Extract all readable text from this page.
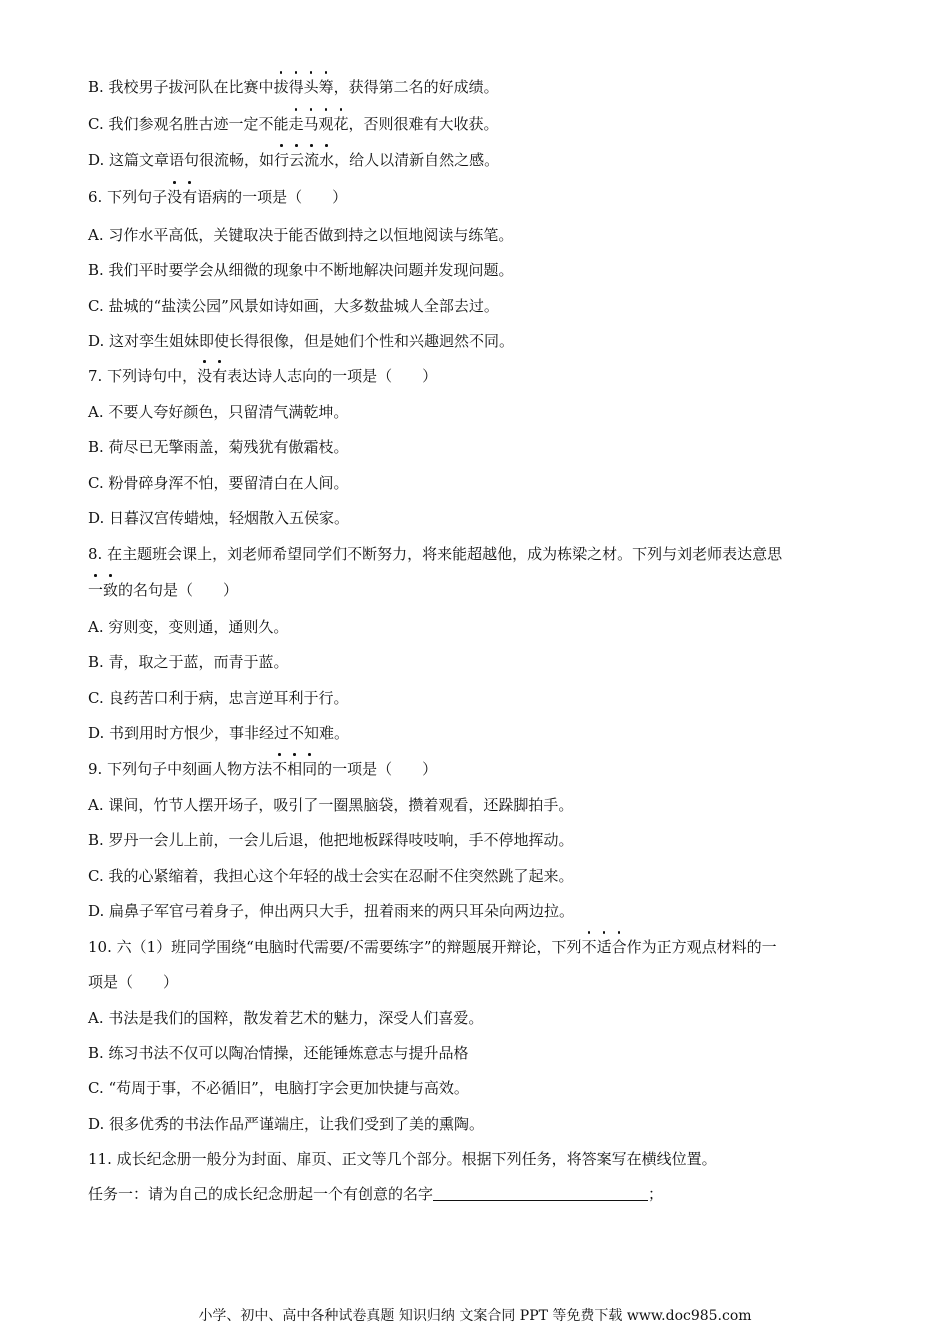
B. 我校男子拔河队在比赛中拔得头筹，获得第二名的好成绩。
C. 我们参观名胜古迹一定不能走马观花，否则很难有大收获。
D. 这篇文章语句很流畅，如行云流水，给人以清新自然之感。
6. 下列句子没有语病的一项是（　　）
A. 习作水平高低，关键取决于能否做到持之以恒地阅读与练笔。
B. 我们平时要学会从细微的现象中不断地解决问题并发现问题。
C. 盐城的“盐渎公园”风景如诗如画，大多数盐城人全部去过。
D. 这对孪生姐妹即使长得很像，但是她们个性和兴趣迥然不同。
7. 下列诗句中，没有表达诗人志向的一项是（　　）
A. 不要人夸好颜色，只留清气满乾坤。
B. 荷尽已无擎雨盖，菊残犹有傲霜枝。
C. 粉骨碎身浑不怕，要留清白在人间。
D. 日暮汉宫传蜡烛，轻烟散入五侯家。
8. 在主题班会课上，刘老师希望同学们不断努力，将来能超越他，成为栋梁之材。下列与刘老师表达意思
一致的名句是（　　）
A. 穷则变，变则通，通则久。
B. 青，取之于蓝，而青于蓝。
C. 良药苦口利于病，忠言逆耳利于行。
D. 书到用时方恨少，事非经过不知难。
9. 下列句子中刻画人物方法不相同的一项是（　　）
A. 课间，竹节人摆开场子，吸引了一圈黑脑袋，攒着观看，还跺脚拍手。
B. 罗丹一会儿上前，一会儿后退，他把地板踩得吱吱响，手不停地挥动。
C. 我的心紧缩着，我担心这个年轻的战士会实在忍耐不住突然跳了起来。
D. 扁鼻子军官弓着身子，伸出两只大手，扭着雨来的两只耳朵向两边拉。
10. 六（1）班同学围绕“电脑时代需要/不需要练字”的辩题展开辩论，下列不适合作为正方观点材料的一
项是（　　）
A. 书法是我们的国粹，散发着艺术的魅力，深受人们喜爱。
B. 练习书法不仅可以陶冶情操，还能锤炼意志与提升品格
C. “苟周于事，不必循旧”，电脑打字会更加快捷与高效。
D. 很多优秀的书法作品严谨端庄，让我们受到了美的熏陶。
11. 成长纪念册一般分为封面、扉页、正文等几个部分。根据下列任务，将答案写在横线位置。
任务一：请为自己的成长纪念册起一个有创意的名字	；
小学、初中、高中各种试卷真题 知识归纳 文案合同 PPT 等免费下载 www.doc985.com
